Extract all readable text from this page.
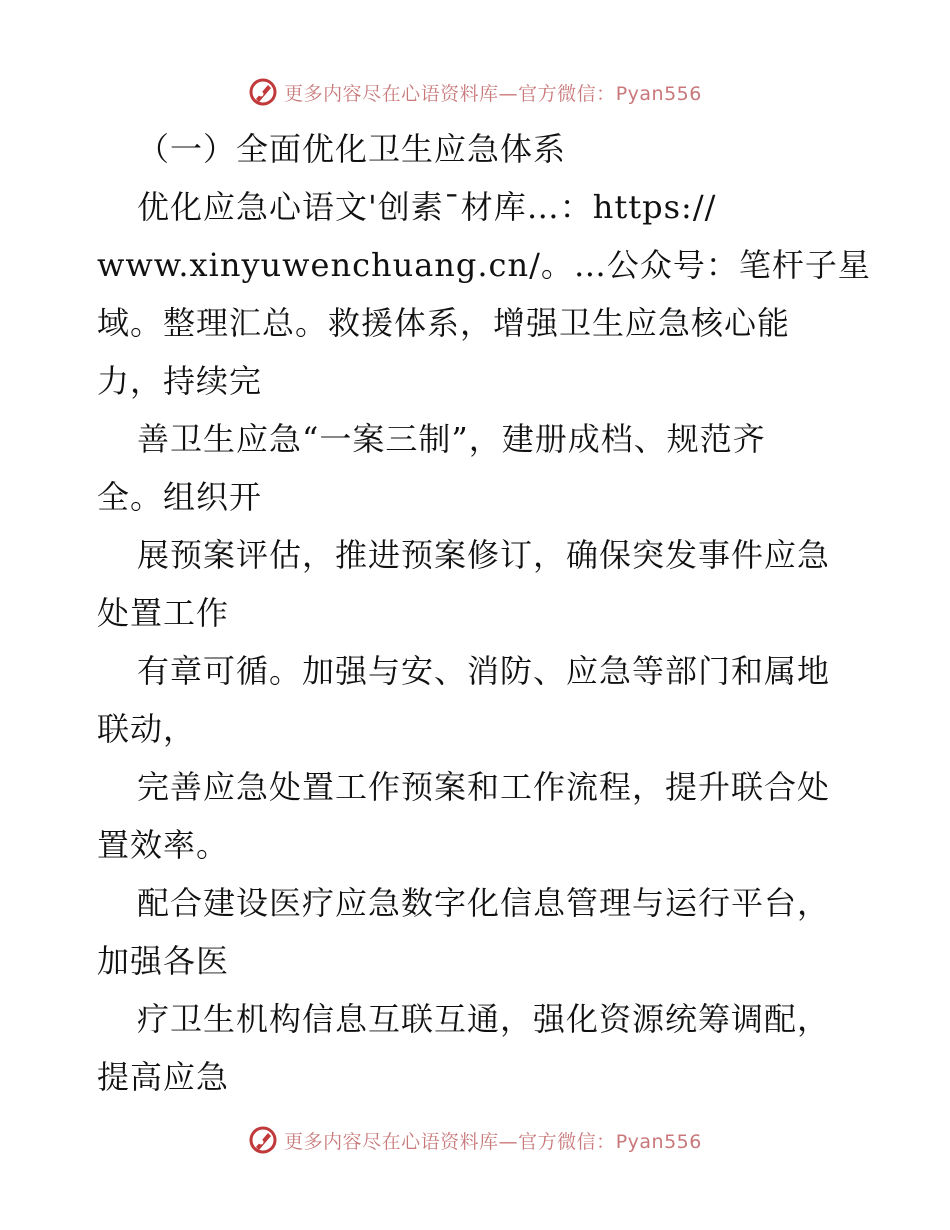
更多内容尽在心语资料库—官方微信：Pyan556
（一）全面优化卫生应急体系
优化应急心语文'创素¯材库…：https://
www.xinyuwenchuang.cn/。…公众号：笔杆子星
域。整理汇总。救援体系，增强卫生应急核心能
力，持续完
善卫生应急“一案三制”，建册成档、规范齐
全。组织开
展预案评估，推进预案修订，确保突发事件应急
处置工作
有章可循。加强与安、消防、应急等部门和属地
联动，
完善应急处置工作预案和工作流程，提升联合处
置效率。
配合建设医疗应急数字化信息管理与运行平台，
加强各医
疗卫生机构信息互联互通，强化资源统筹调配，
提高应急
更多内容尽在心语资料库—官方微信：Pyan556
